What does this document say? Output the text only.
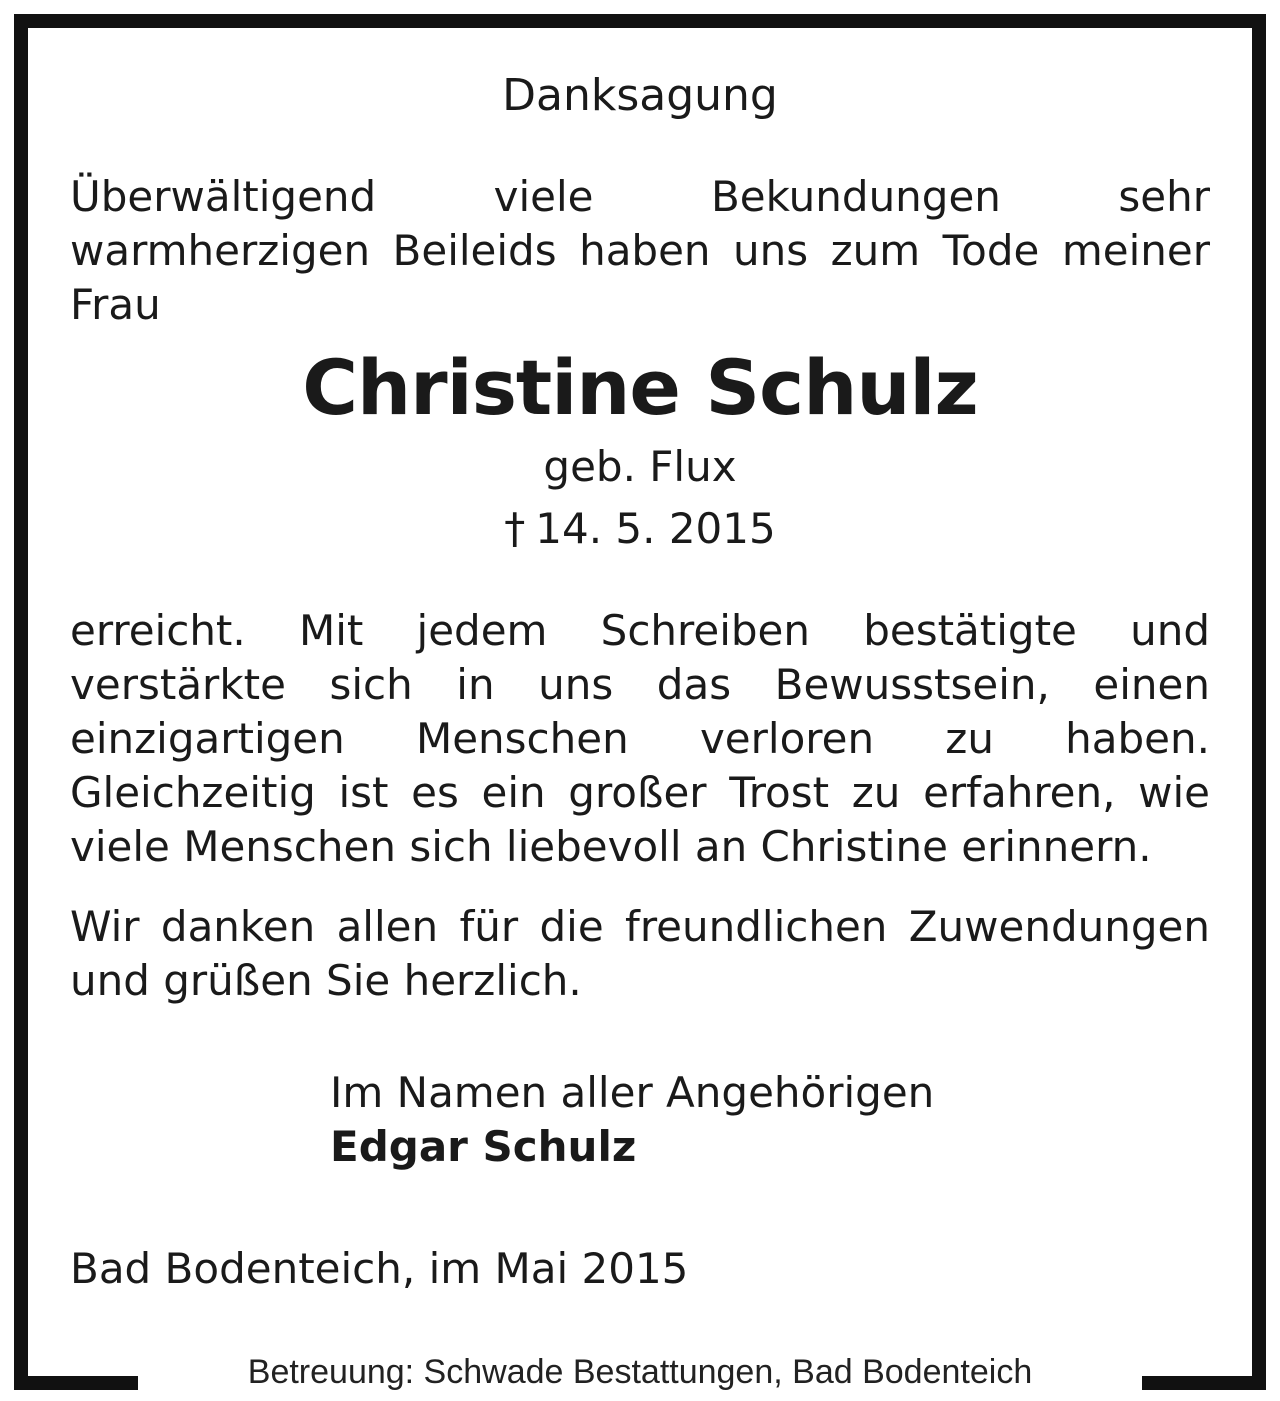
Danksagung

Überwältigend viele Bekundungen sehr warmherzigen Beileids haben uns zum Tode meiner Frau

Christine Schulz

geb. Flux

† 14. 5. 2015

erreicht. Mit jedem Schreiben bestätigte und verstärkte sich in uns das Bewusstsein, einen einzigartigen Menschen verloren zu haben. Gleichzeitig ist es ein großer Trost zu erfahren, wie viele Menschen sich liebevoll an Christine erinnern.

Wir danken allen für die freundlichen Zuwendungen und grüßen Sie herzlich.

Im Namen aller Angehörigen

Edgar Schulz

Bad Bodenteich, im Mai 2015

Betreuung: Schwade Bestattungen, Bad Bodenteich
